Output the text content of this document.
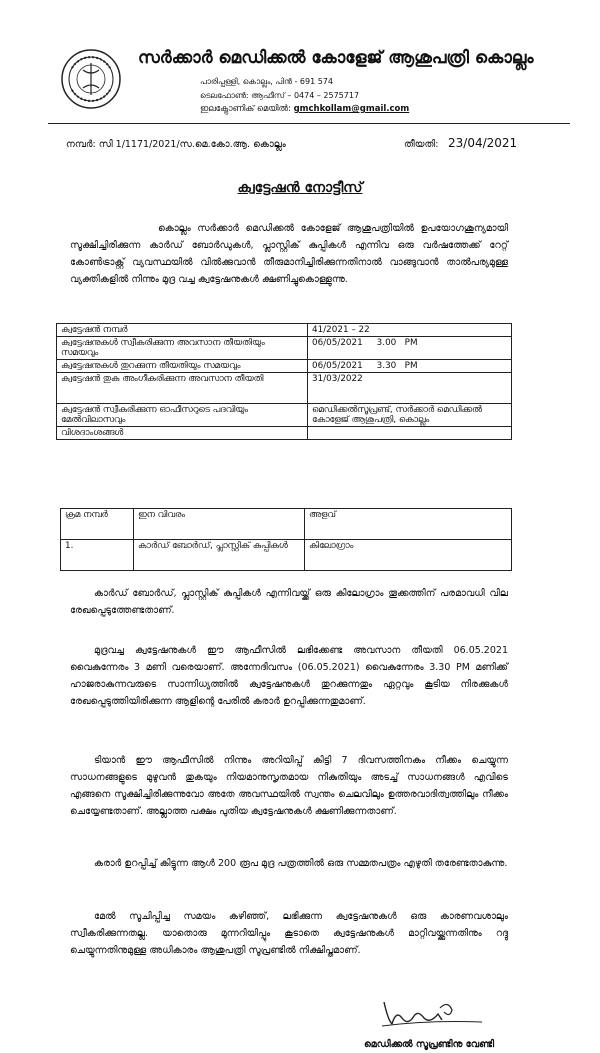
സർക്കാർ മെഡിക്കൽ കോളേജ് ആശുപത്രി കൊല്ലം
പാരിപ്പള്ളി, കൊല്ലം, പിൻ - 691 574
ടെലഫോൺ: ആഫീസ് – 0474 – 2575717
ഇലക്ട്രോണിക് മെയിൽ: gmchkollam@gmail.com
നമ്പർ: സി 1/1171/2021/സ.മെ.കോ.ആ. കൊല്ലം	തീയതി: 23/04/2021
ക്വട്ടേഷൻ നോട്ടീസ്

കൊല്ലം സർക്കാർ മെഡിക്കൽ കോളേജ് ആശുപത്രിയിൽ ഉപയോഗശൂന്യമായി സൂക്ഷിച്ചിരിക്കുന്ന കാർഡ് ബോർഡുകൾ, പ്ലാസ്റ്റിക് കുപ്പികൾ എന്നിവ ഒരു വർഷത്തേക്ക് റേറ്റ് കോൺട്രാക്റ്റ് വ്യവസ്ഥയിൽ വിൽക്കുവാൻ തീരുമാനിച്ചിരിക്കുന്നതിനാൽ വാങ്ങുവാൻ താൽപര്യമുള്ള വ്യക്തികളിൽ നിന്നും മുദ്ര വച്ച ക്വട്ടേഷനുകൾ ക്ഷണിച്ചുകൊള്ളുന്നു.

ക്വട്ടേഷൻ നമ്പർ	41/2021 – 22
ക്വട്ടേഷനുകൾ സ്വീകരിക്കുന്ന അവസാന തീയതിയും സമയവും	06/05/2021     3.00   PM
ക്വട്ടേഷനുകൾ തുറക്കുന്ന തീയതിയും സമയവും	06/05/2021     3.30   PM
ക്വട്ടേഷൻ തുക അംഗീകരിക്കുന്ന അവസാന തീയതി	31/03/2022
ക്വട്ടേഷൻ സ്വീകരിക്കുന്ന ഓഫീസറുടെ പദവിയും മേൽവിലാസവും	മെഡിക്കൽസൂപ്രണ്ട്, സർക്കാർ മെഡിക്കൽ കോളേജ് ആശുപത്രി, കൊല്ലം
വിശദാംശങ്ങൾ	
ക്രമ നമ്പർ	ഇന വിവരം	അളവ്
1.	കാർഡ് ബോർഡ്, പ്ലാസ്റ്റിക് കുപ്പികൾ	കിലോഗ്രാം

കാർഡ് ബോർഡ്, പ്ലാസ്റ്റിക് കുപ്പികൾ എന്നിവയ്ക്ക് ഒരു കിലോഗ്രാം തൂക്കത്തിന് പരമാവധി വില രേഖപ്പെടുത്തേണ്ടതാണ്.

മുദ്രവച്ച ക്വട്ടേഷനുകൾ ഈ ആഫീസിൽ ലഭിക്കേണ്ട അവസാന തീയതി 06.05.2021 വൈകുന്നേരം 3 മണി വരെയാണ്. അന്നേദിവസം (06.05.2021) വൈകുന്നേരം 3.30 PM മണിക്ക് ഹാജരാകുന്നവരുടെ സാന്നിധ്യത്തിൽ ക്വട്ടേഷനുകൾ തുറക്കുന്നതും ഏറ്റവും കൂടിയ നിരക്കുകൾ രേഖപ്പെടുത്തിയിരിക്കുന്ന ആളിന്റെ പേരിൽ കരാർ ഉറപ്പിക്കുന്നതുമാണ്.

ടിയാൻ ഈ ആഫീസിൽ നിന്നും അറിയിപ്പ് കിട്ടി 7 ദിവസത്തിനകം നീക്കം ചെയ്യുന്ന സാധനങ്ങളുടെ മുഴുവൻ തുകയും നിയമാനുസൃതമായ നികുതിയും അടച്ച് സാധനങ്ങൾ എവിടെ എങ്ങനെ സൂക്ഷിച്ചിരിക്കുന്നുവോ അതേ അവസ്ഥയിൽ സ്വന്തം ചെലവിലും ഉത്തരവാദിത്വത്തിലും നീക്കം ചെയ്യേണ്ടതാണ്. അല്ലാത്ത പക്ഷം പുതിയ ക്വട്ടേഷനുകൾ ക്ഷണിക്കുന്നതാണ്.

കരാർ ഉറപ്പിച്ച് കിട്ടുന്ന ആൾ 200 രൂപ മുദ്ര പത്രത്തിൽ ഒരു സമ്മതപത്രം എഴുതി തരേണ്ടതാകുന്നു.

മേൽ സൂചിപ്പിച്ച സമയം കഴിഞ്ഞ്, ലഭിക്കുന്ന ക്വട്ടേഷനുകൾ ഒരു കാരണവശാലും സ്വീകരിക്കുന്നതല്ല. യാതൊരു മുന്നറിയിപ്പും കൂടാതെ ക്വട്ടേഷനുകൾ മാറ്റിവയ്ക്കുന്നതിനും റദ്ദു ചെയ്യുന്നതിനുമുള്ള അധികാരം ആശുപത്രി സൂപ്രണ്ടിൽ നിക്ഷിപ്തമാണ്.

മെഡിക്കൽ സൂപ്രണ്ടിനു വേണ്ടി
